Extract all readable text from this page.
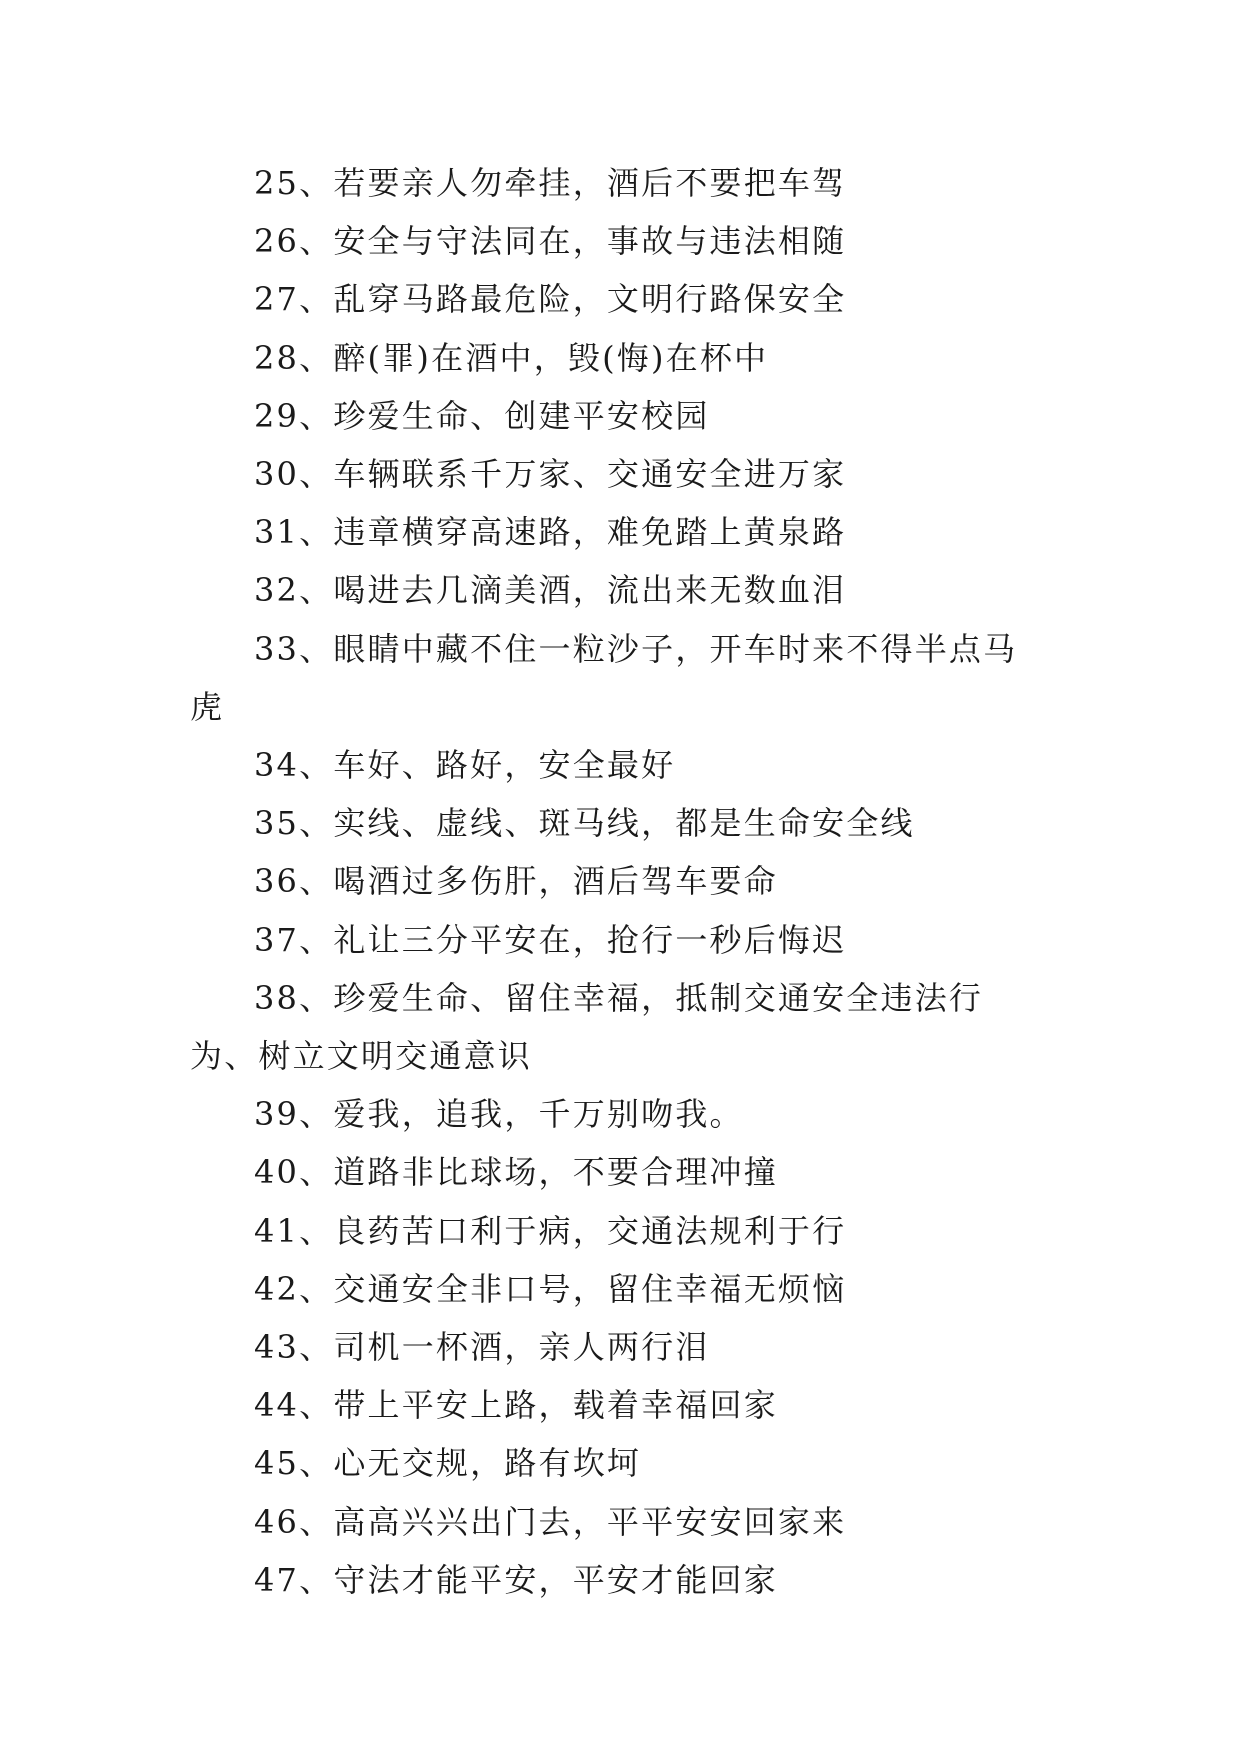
25、若要亲人勿牵挂，酒后不要把车驾

26、安全与守法同在，事故与违法相随

27、乱穿马路最危险，文明行路保安全

28、醉(罪)在酒中，毁(悔)在杯中

29、珍爱生命、创建平安校园

30、车辆联系千万家、交通安全进万家

31、违章横穿高速路，难免踏上黄泉路

32、喝进去几滴美酒，流出来无数血泪

33、眼睛中藏不住一粒沙子，开车时来不得半点马虎

34、车好、路好，安全最好

35、实线、虚线、斑马线，都是生命安全线

36、喝酒过多伤肝，酒后驾车要命

37、礼让三分平安在，抢行一秒后悔迟

38、珍爱生命、留住幸福，抵制交通安全违法行为、树立文明交通意识

39、爱我，追我，千万别吻我。

40、道路非比球场，不要合理冲撞

41、良药苦口利于病，交通法规利于行

42、交通安全非口号，留住幸福无烦恼

43、司机一杯酒，亲人两行泪

44、带上平安上路，载着幸福回家

45、心无交规，路有坎坷

46、高高兴兴出门去，平平安安回家来

47、守法才能平安，平安才能回家
